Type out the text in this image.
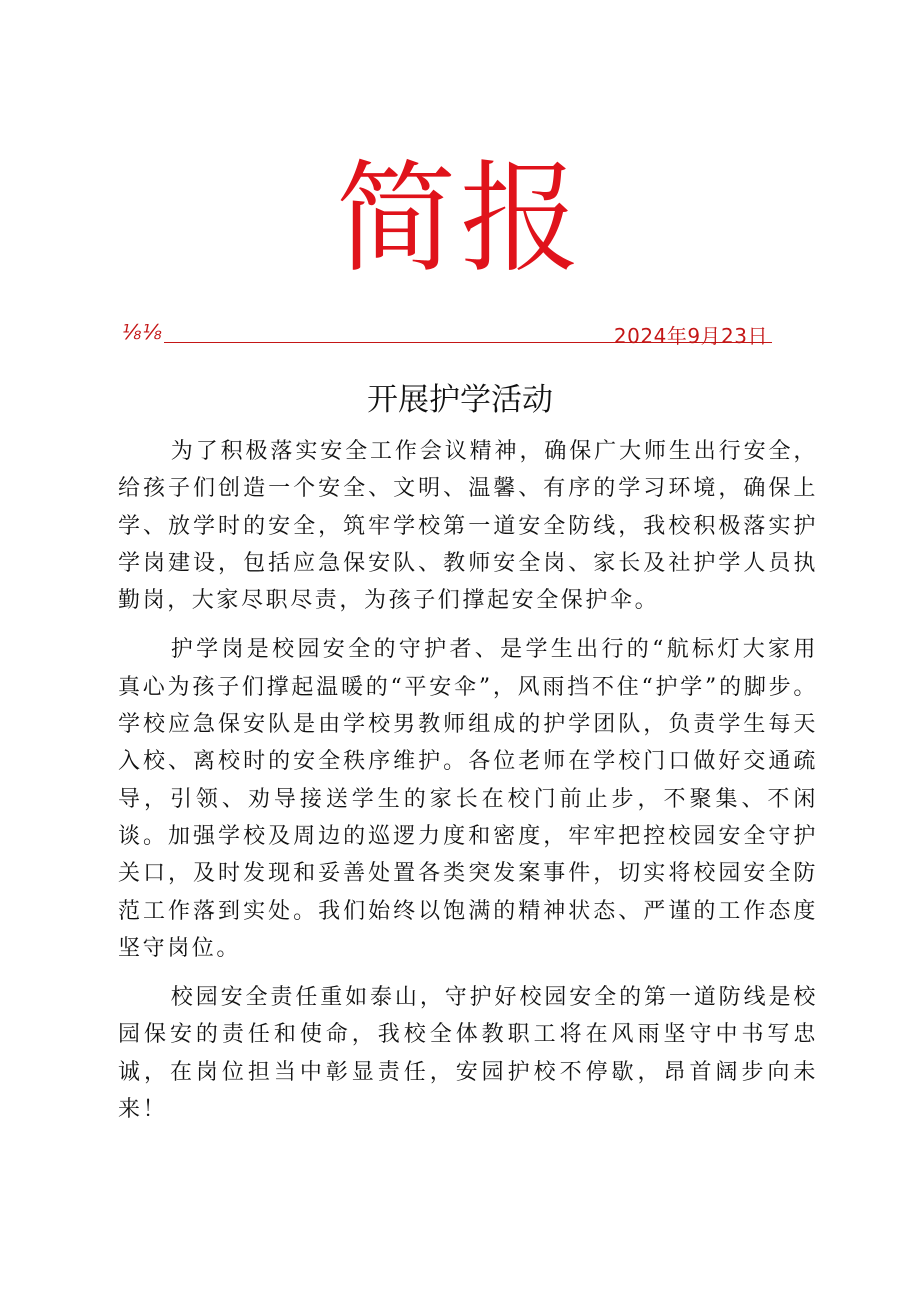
简报
⅛⅛	2024年9月23日
开展护学活动

为了积极落实安全工作会议精神，确保广大师生出行安全，给孩子们创造一个安全、文明、温馨、有序的学习环境，确保上学、放学时的安全，筑牢学校第一道安全防线，我校积极落实护学岗建设，包括应急保安队、教师安全岗、家长及社护学人员执勤岗，大家尽职尽责，为孩子们撑起安全保护伞。

护学岗是校园安全的守护者、是学生出行的“航标灯大家用真心为孩子们撑起温暖的“平安伞”，风雨挡不住“护学”的脚步。学校应急保安队是由学校男教师组成的护学团队，负责学生每天入校、离校时的安全秩序维护。各位老师在学校门口做好交通疏导，引领、劝导接送学生的家长在校门前止步，不聚集、不闲谈。加强学校及周边的巡逻力度和密度，牢牢把控校园安全守护关口，及时发现和妥善处置各类突发案事件，切实将校园安全防范工作落到实处。我们始终以饱满的精神状态、严谨的工作态度坚守岗位。

校园安全责任重如泰山，守护好校园安全的第一道防线是校园保安的责任和使命，我校全体教职工将在风雨坚守中书写忠诚，在岗位担当中彰显责任，安园护校不停歇，昂首阔步向未来！
